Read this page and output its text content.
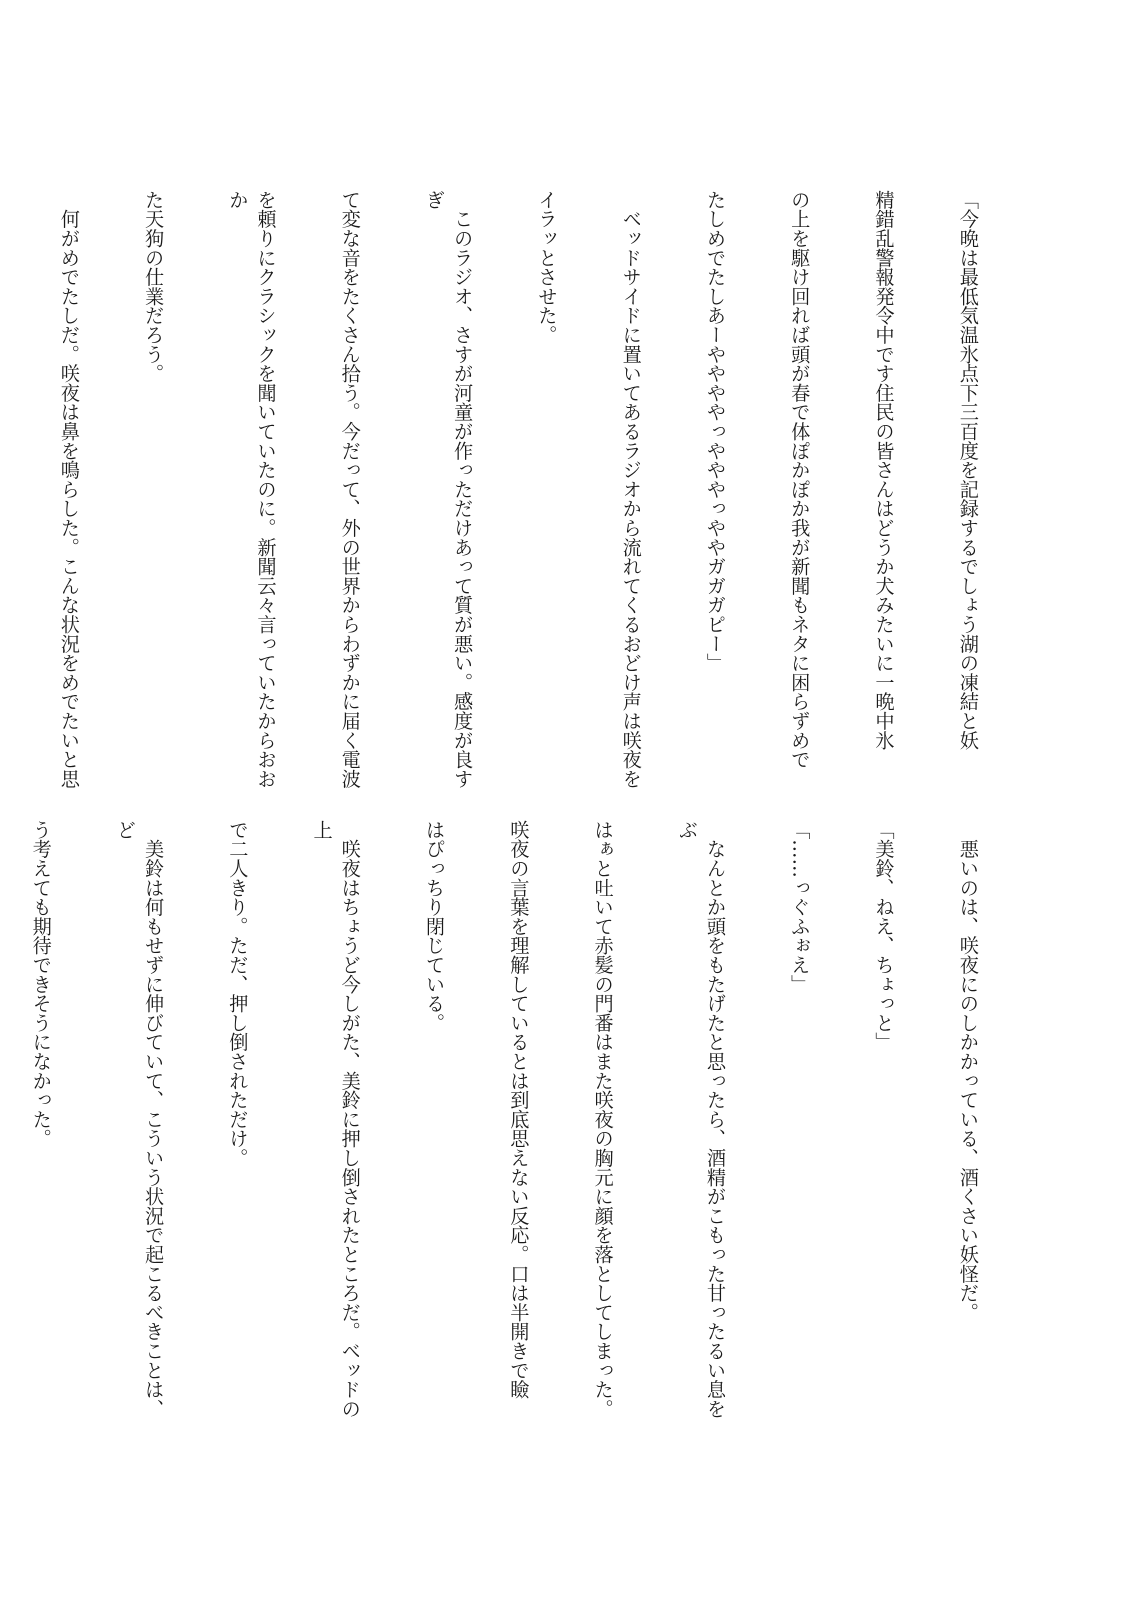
「今晩は最低気温氷点下三百度を記録するでしょう湖の凍結と妖

精錯乱警報発令中です住民の皆さんはどうか犬みたいに一晩中氷

の上を駆け回れば頭が春で体ぽかぽか我が新聞もネタに困らずめで

たしめでたしあーややややっやややっややガガガピー」

　ベッドサイドに置いてあるラジオから流れてくるおどけ声は咲夜を

イラッとさせた。

　このラジオ、さすが河童が作っただけあって質が悪い。感度が良すぎ

て変な音をたくさん拾う。今だって、外の世界からわずかに届く電波

を頼りにクラシックを聞いていたのに。新聞云々言っていたからおおか

た天狗の仕業だろう。

　何がめでたしだ。咲夜は鼻を鳴らした。こんな状況をめでたいと思

　悪いのは、咲夜にのしかかっている、酒くさい妖怪だ。

「美鈴、ねえ、ちょっと」

「……っぐふぉえ」

　なんとか頭をもたげたと思ったら、酒精がこもった甘ったるい息をぶ

はぁと吐いて赤髪の門番はまた咲夜の胸元に顔を落としてしまった。

咲夜の言葉を理解しているとは到底思えない反応。口は半開きで瞼

はぴっちり閉じている。

　咲夜はちょうど今しがた、美鈴に押し倒されたところだ。ベッドの上

で二人きり。ただ、押し倒されただけ。

　美鈴は何もせずに伸びていて、こういう状況で起こるべきことは、ど

う考えても期待できそうになかった。
